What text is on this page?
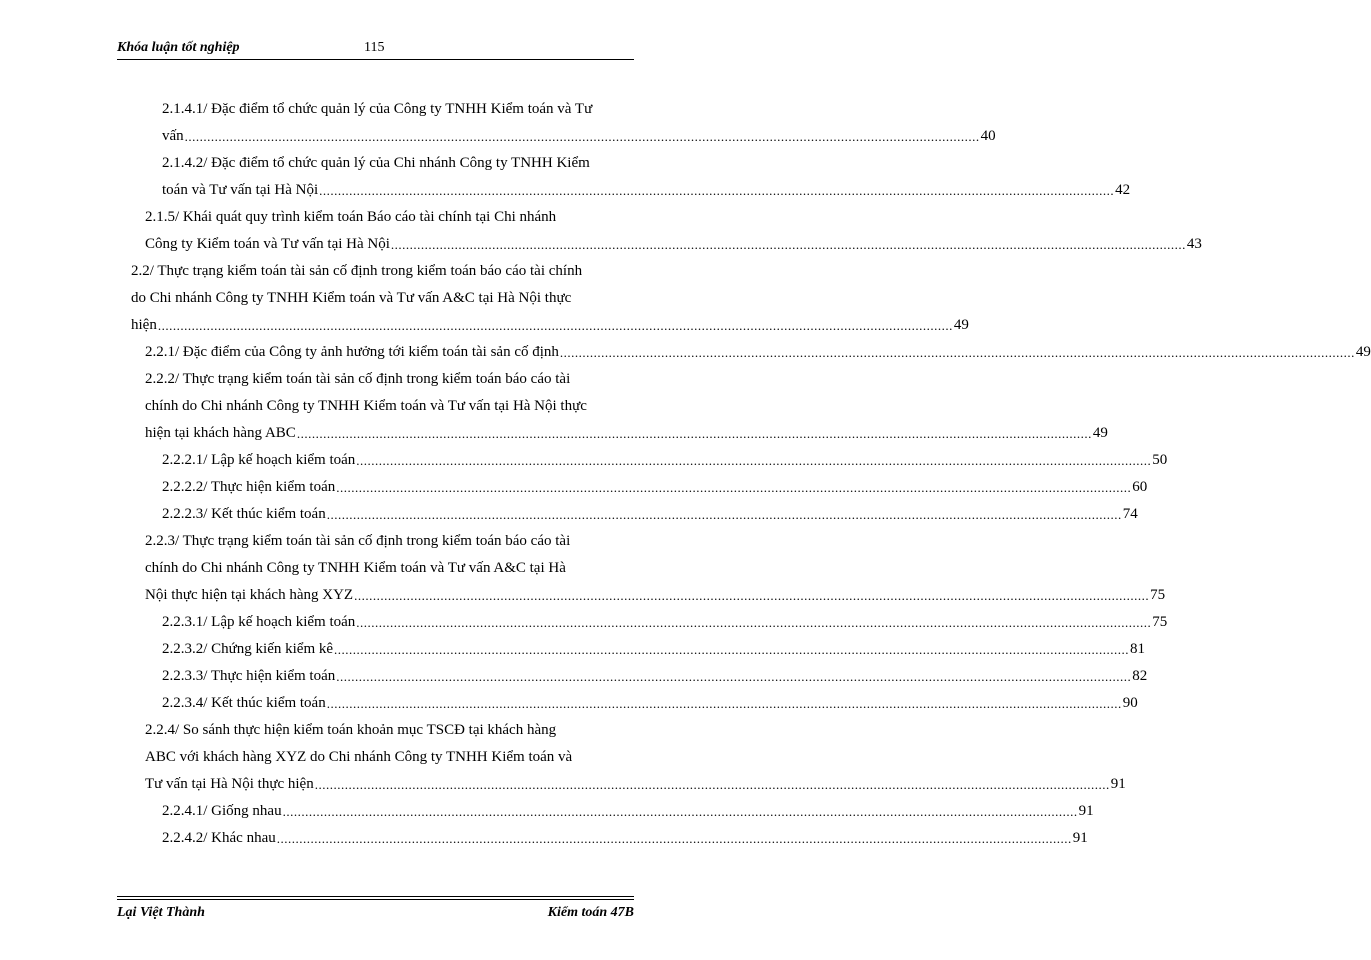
Khóa luận tốt nghiệp	115
2.1.4.1/ Đặc điểm tổ chức quản lý của Công ty TNHH Kiểm toán và Tư
vấn .................................................................................................................................................................................................................... 40
2.1.4.2/ Đặc điểm tổ chức quản lý của Chi nhánh Công ty TNHH Kiểm
toán và Tư vấn tại Hà Nội .................................................................................................................................................................................................................... 42
2.1.5/ Khái quát quy trình kiểm toán Báo cáo tài chính tại Chi nhánh
Công ty Kiểm toán và Tư vấn tại Hà Nội .................................................................................................................................................................................................................... 43
2.2/ Thực trạng kiểm toán tài sản cố định trong kiểm toán báo cáo tài chính
do Chi nhánh Công ty TNHH Kiểm toán và Tư vấn A&C tại Hà Nội thực
hiện .................................................................................................................................................................................................................... 49
2.2.1/ Đặc điểm của Công ty ảnh hưởng tới kiểm toán tài sản cố định .................................................................................................................................................................................................................... 49
2.2.2/ Thực trạng kiểm toán tài sản cố định trong kiểm toán báo cáo tài
chính do Chi nhánh Công ty TNHH Kiểm toán và Tư vấn tại Hà Nội thực
hiện tại khách hàng ABC .................................................................................................................................................................................................................... 49
2.2.2.1/ Lập kế hoạch kiểm toán .................................................................................................................................................................................................................... 50
2.2.2.2/ Thực hiện kiểm toán .................................................................................................................................................................................................................... 60
2.2.2.3/ Kết thúc kiểm toán .................................................................................................................................................................................................................... 74
2.2.3/ Thực trạng kiểm toán tài sản cố định trong kiểm toán báo cáo tài
chính do Chi nhánh Công ty TNHH Kiểm toán và Tư vấn A&C tại Hà
Nội thực hiện tại khách hàng XYZ .................................................................................................................................................................................................................... 75
2.2.3.1/ Lập kế hoạch kiểm toán .................................................................................................................................................................................................................... 75
2.2.3.2/ Chứng kiến kiểm kê .................................................................................................................................................................................................................... 81
2.2.3.3/ Thực hiện kiểm toán .................................................................................................................................................................................................................... 82
2.2.3.4/ Kết thúc kiểm toán .................................................................................................................................................................................................................... 90
2.2.4/ So sánh thực hiện kiểm toán khoản mục TSCĐ tại khách hàng
ABC với khách hàng XYZ do Chi nhánh Công ty TNHH Kiểm toán và
Tư vấn tại Hà Nội thực hiện .................................................................................................................................................................................................................... 91
2.2.4.1/ Giống nhau .................................................................................................................................................................................................................... 91
2.2.4.2/ Khác nhau .................................................................................................................................................................................................................... 91
Lại Việt Thành	Kiểm toán 47B
